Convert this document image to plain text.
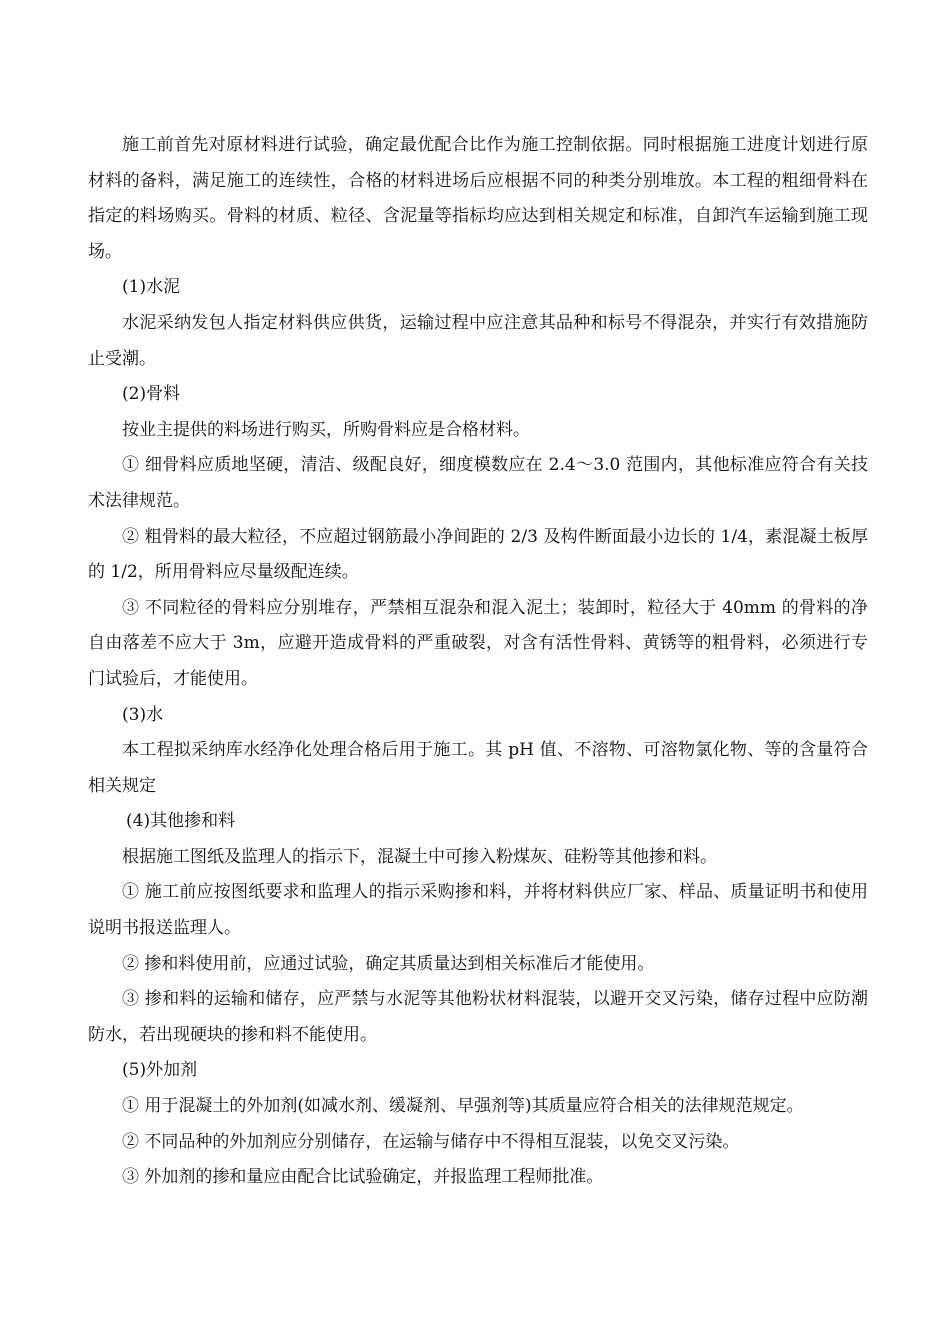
施工前首先对原材料进行试验，确定最优配合比作为施工控制依据。同时根据施工进度计划进行原材料的备料，满足施工的连续性，合格的材料进场后应根据不同的种类分别堆放。本工程的粗细骨料在指定的料场购买。骨料的材质、粒径、含泥量等指标均应达到相关规定和标准，自卸汽车运输到施工现场。

(1)水泥

水泥采纳发包人指定材料供应供货，运输过程中应注意其品种和标号不得混杂，并实行有效措施防止受潮。

(2)骨料

按业主提供的料场进行购买，所购骨料应是合格材料。

① 细骨料应质地坚硬，清洁、级配良好，细度模数应在 2.4～3.0 范围内，其他标准应符合有关技术法律规范。

② 粗骨料的最大粒径，不应超过钢筋最小净间距的 2/3 及构件断面最小边长的 1/4，素混凝土板厚的 1/2，所用骨料应尽量级配连续。

③ 不同粒径的骨料应分别堆存，严禁相互混杂和混入泥土；装卸时，粒径大于 40mm 的骨料的净自由落差不应大于 3m，应避开造成骨料的严重破裂，对含有活性骨料、黄锈等的粗骨料，必须进行专门试验后，才能使用。

(3)水

本工程拟采纳库水经净化处理合格后用于施工。其 pH 值、不溶物、可溶物氯化物、等的含量符合相关规定

(4)其他掺和料

根据施工图纸及监理人的指示下，混凝土中可掺入粉煤灰、硅粉等其他掺和料。

① 施工前应按图纸要求和监理人的指示采购掺和料，并将材料供应厂家、样品、质量证明书和使用说明书报送监理人。

② 掺和料使用前，应通过试验，确定其质量达到相关标准后才能使用。

③ 掺和料的运输和储存，应严禁与水泥等其他粉状材料混装，以避开交叉污染，储存过程中应防潮防水，若出现硬块的掺和料不能使用。

(5)外加剂

① 用于混凝土的外加剂(如减水剂、缓凝剂、早强剂等)其质量应符合相关的法律规范规定。

② 不同品种的外加剂应分别储存，在运输与储存中不得相互混装，以免交叉污染。

③ 外加剂的掺和量应由配合比试验确定，并报监理工程师批准。
